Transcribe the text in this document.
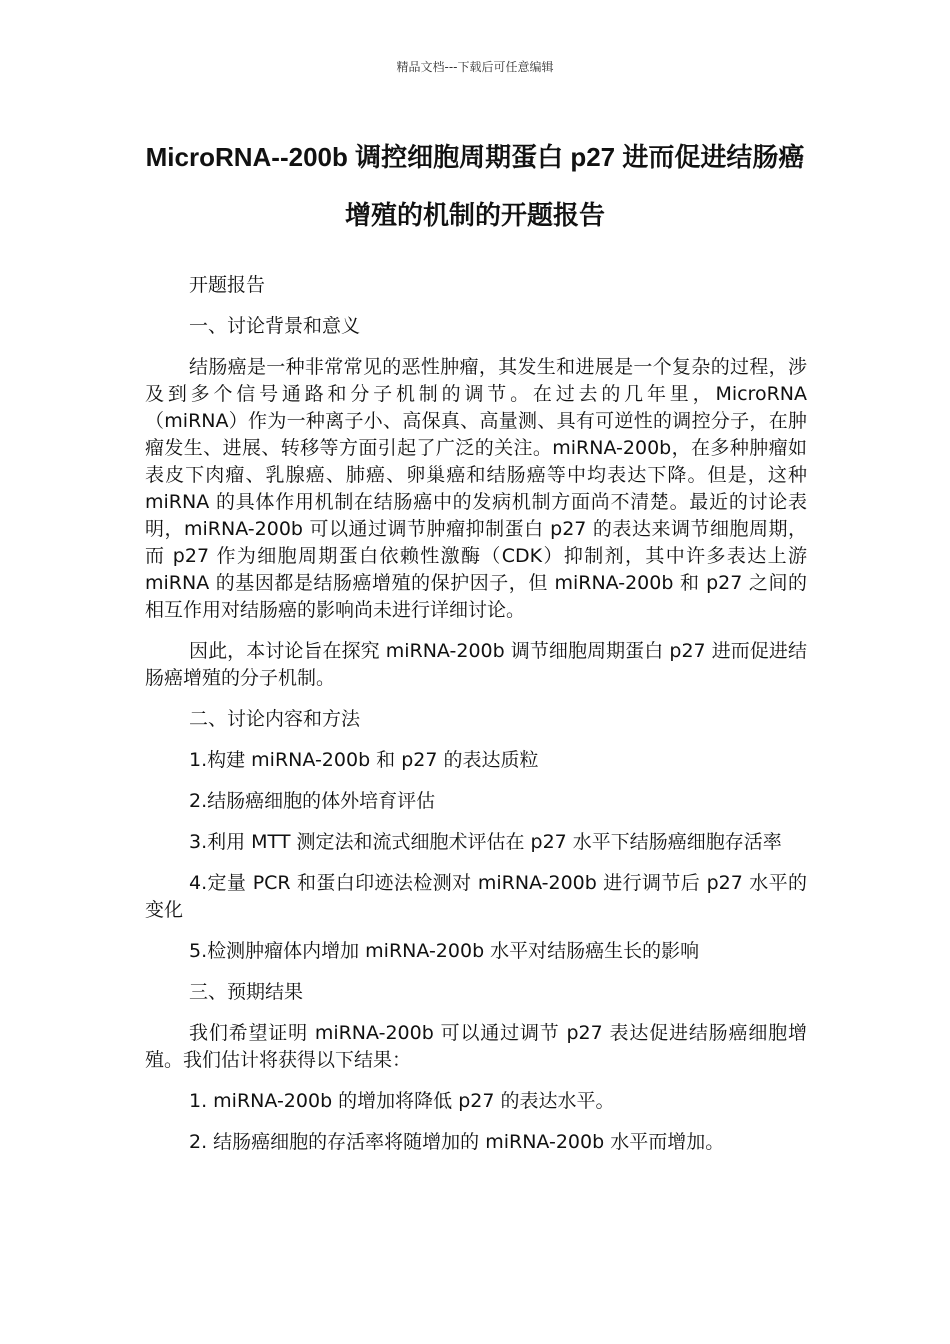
精品文档---下载后可任意编辑
MicroRNA--200b 调控细胞周期蛋白 p27 进而促进结肠癌增殖的机制的开题报告

开题报告

一、讨论背景和意义

结肠癌是一种非常常见的恶性肿瘤，其发生和进展是一个复杂的过程，涉及到多个信号通路和分子机制的调节。在过去的几年里，MicroRNA （miRNA）作为一种离子小、高保真、高量测、具有可逆性的调控分子，在肿瘤发生、进展、转移等方面引起了广泛的关注。miRNA-200b，在多种肿瘤如表皮下肉瘤、乳腺癌、肺癌、卵巢癌和结肠癌等中均表达下降。但是，这种 miRNA 的具体作用机制在结肠癌中的发病机制方面尚不清楚。最近的讨论表明，miRNA-200b 可以通过调节肿瘤抑制蛋白 p27 的表达来调节细胞周期，而 p27 作为细胞周期蛋白依赖性激酶（CDK）抑制剂，其中许多表达上游 miRNA 的基因都是结肠癌增殖的保护因子，但 miRNA-200b 和 p27 之间的相互作用对结肠癌的影响尚未进行详细讨论。

因此，本讨论旨在探究 miRNA-200b 调节细胞周期蛋白 p27 进而促进结肠癌增殖的分子机制。

二、讨论内容和方法

1.构建 miRNA-200b 和 p27 的表达质粒

2.结肠癌细胞的体外培育评估

3.利用 MTT 测定法和流式细胞术评估在 p27 水平下结肠癌细胞存活率

4.定量 PCR 和蛋白印迹法检测对 miRNA-200b 进行调节后 p27 水平的变化

5.检测肿瘤体内增加 miRNA-200b 水平对结肠癌生长的影响

三、预期结果

我们希望证明 miRNA-200b 可以通过调节 p27 表达促进结肠癌细胞增殖。我们估计将获得以下结果：

1. miRNA-200b 的增加将降低 p27 的表达水平。

2. 结肠癌细胞的存活率将随增加的 miRNA-200b 水平而增加。
